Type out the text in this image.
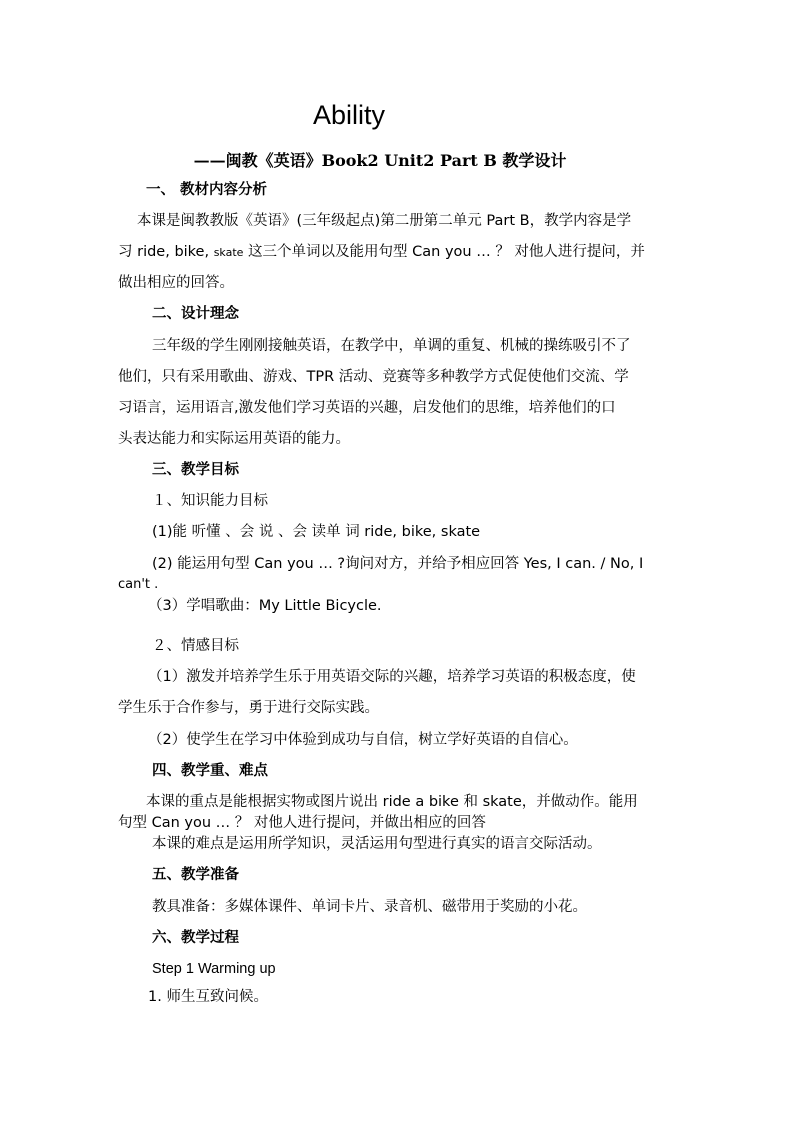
Ability
——闽教《英语》Book2 Unit2 Part B 教学设计
一、 教材内容分析
本课是闽教教版《英语》(三年级起点)第二册第二单元 Part B，教学内容是学
习 ride, bike, skate 这三个单词以及能用句型 Can you … ？ 对他人进行提问，并
做出相应的回答。
二、设计理念
三年级的学生刚刚接触英语，在教学中，单调的重复、机械的操练吸引不了
他们，只有采用歌曲、游戏、TPR 活动、竞赛等多种教学方式促使他们交流、学
习语言，运用语言,激发他们学习英语的兴趣，启发他们的思维，培养他们的口
头表达能力和实际运用英语的能力。
三、教学目标
１、知识能力目标
(1)能 听懂 、会 说 、会 读单 词 ride, bike, skate
(2) 能运用句型 Can you … ?询问对方，并给予相应回答 Yes, I can. / No, I
can't .
（3）学唱歌曲：My Little Bicycle.
２、情感目标
（1）激发并培养学生乐于用英语交际的兴趣，培养学习英语的积极态度，使
学生乐于合作参与，勇于进行交际实践。
（2）使学生在学习中体验到成功与自信，树立学好英语的自信心。
四、教学重、难点
本课的重点是能根据实物或图片说出 ride a bike 和 skate，并做动作。能用
句型 Can you … ？ 对他人进行提问，并做出相应的回答
本课的难点是运用所学知识，灵活运用句型进行真实的语言交际活动。
五、教学准备
教具准备：多媒体课件、单词卡片、录音机、磁带用于奖励的小花。
六、教学过程
Step 1 Warming up
1. 师生互致问候。
